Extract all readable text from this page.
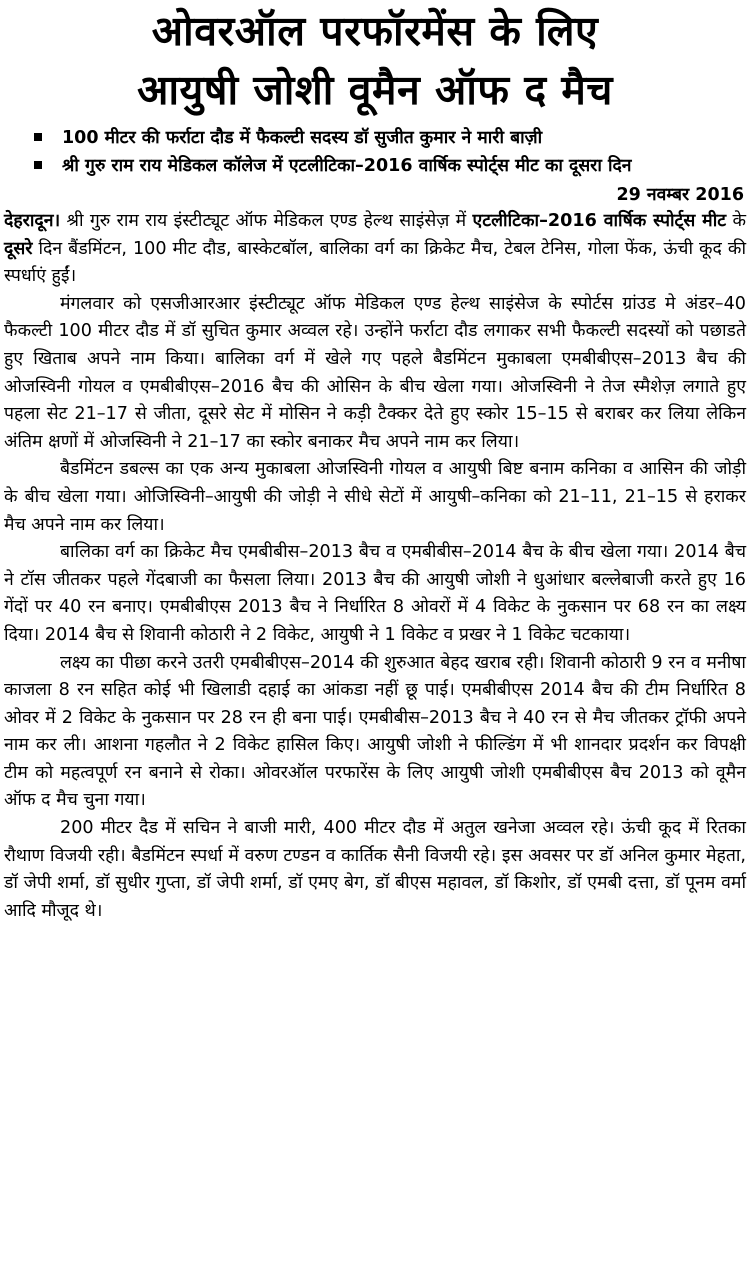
ओवरऑल परफॉरमेंस के लिए
आयुषी जोशी वूमैन ऑफ द मैच
100 मीटर की फर्राटा दौड में फैकल्टी सदस्य डॉ सुजीत कुमार ने मारी बाज़ी
श्री गुरु राम राय मेडिकल कॉलेज में एटलीटिका–2016 वार्षिक स्पोर्ट्स मीट का दूसरा दिन
29 नवम्बर 2016

देहरादून। श्री गुरु राम राय इंस्टीट्यूट ऑफ मेडिकल एण्ड हेल्थ साइंसेज़ में एटलीटिका–2016 वार्षिक स्पोर्ट्स मीट के दूसरे दिन बैंडमिंटन, 100 मीट दौड, बास्केटबॉल, बालिका वर्ग का क्रिकेट मैच, टेबल टेनिस, गोला फेंक, ऊंची कूद की स्पर्धाएं हुईं।

मंगलवार को एसजीआरआर इंस्टीट्यूट ऑफ मेडिकल एण्ड हेल्थ साइंसेज के स्पोर्टस ग्रांउड मे अंडर–40 फैकल्टी 100 मीटर दौड में डॉ सुचित कुमार अव्वल रहे। उन्होंने फर्राटा दौड लगाकर सभी फैकल्टी सदस्यों को पछाडते हुए खिताब अपने नाम किया। बालिका वर्ग में खेले गए पहले बैडमिंटन मुकाबला एमबीबीएस–2013 बैच की ओजस्विनी गोयल व एमबीबीएस–2016 बैच की ओसिन के बीच खेला गया। ओजस्विनी ने तेज स्मैशेज़ लगाते हुए पहला सेट 21–17 से जीता, दूसरे सेट में मोसिन ने कड़ी टैक्कर देते हुए स्कोर 15–15 से बराबर कर लिया लेकिन अंतिम क्षणों में ओजस्विनी ने 21–17 का स्कोर बनाकर मैच अपने नाम कर लिया।

बैडमिंटन डबल्स का एक अन्य मुकाबला ओजस्विनी गोयल व आयुषी बिष्ट बनाम कनिका व आसिन की जोड़ी के बीच खेला गया। ओजिस्विनी–आयुषी की जोड़ी ने सीधे सेटों में आयुषी–कनिका को 21–11, 21–15 से हराकर मैच अपने नाम कर लिया।

बालिका वर्ग का क्रिकेट मैच एमबीबीस–2013 बैच व एमबीबीस–2014 बैच के बीच खेला गया। 2014 बैच ने टॉस जीतकर पहले गेंदबाजी का फैसला लिया। 2013 बैच की आयुषी जोशी ने धुआंधार बल्लेबाजी करते हुए 16 गेंदों पर 40 रन बनाए। एमबीबीएस 2013 बैच ने निर्धारित 8 ओवरों में 4 विकेट के नुकसान पर 68 रन का लक्ष्य दिया। 2014 बैच से शिवानी कोठारी ने 2 विकेट, आयुषी ने 1 विकेट व प्रखर ने 1 विकेट चटकाया।

लक्ष्य का पीछा करने उतरी एमबीबीएस–2014 की शुरुआत बेहद खराब रही। शिवानी कोठारी 9 रन व मनीषा काजला 8 रन सहित कोई भी खिलाडी दहाई का आंकडा नहीं छू पाई। एमबीबीएस 2014 बैच की टीम निर्धारित 8 ओवर में 2 विकेट के नुकसान पर 28 रन ही बना पाई। एमबीबीस–2013 बैच ने 40 रन से मैच जीतकर ट्रॉफी अपने नाम कर ली। आशना गहलौत ने 2 विकेट हासिल किए। आयुषी जोशी ने फील्डिंग में भी शानदार प्रदर्शन कर विपक्षी टीम को महत्वपूर्ण रन बनाने से रोका। ओवरऑल परफारेंस के लिए आयुषी जोशी एमबीबीएस बैच 2013 को वूमैन ऑफ द मैच चुना गया।

200 मीटर दैड में सचिन ने बाजी मारी, 400 मीटर दौड में अतुल खनेजा अव्वल रहे। ऊंची कूद में रितका रौथाण विजयी रही। बैडमिंटन स्पर्धा में वरुण टण्डन व कार्तिक सैनी विजयी रहे। इस अवसर पर डॉ अनिल कुमार मेहता, डॉ जेपी शर्मा, डॉ सुधीर गुप्ता, डॉ जेपी शर्मा, डॉ एमए बेग, डॉ बीएस महावल, डॉ किशोर, डॉ एमबी दत्ता, डॉ पूनम वर्मा आदि मौजूद थे।
